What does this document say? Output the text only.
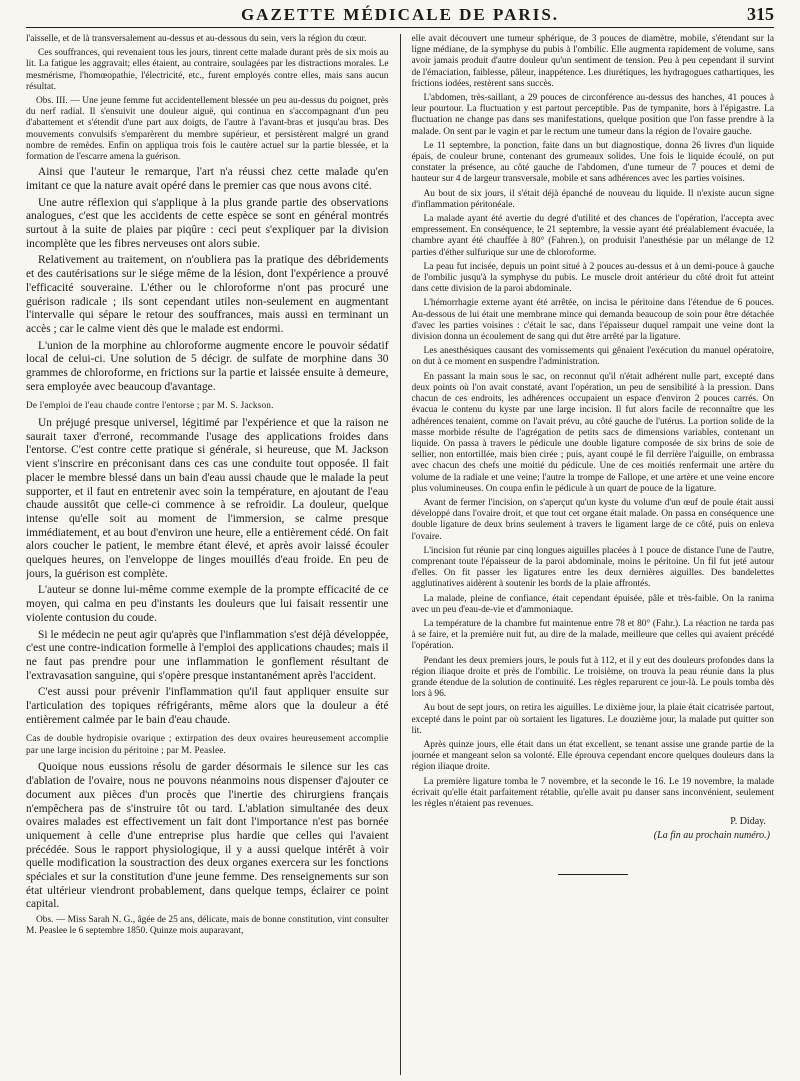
GAZETTE MÉDICALE DE PARIS.	315

l'aisselle, et de là transversalement au-dessus et au-dessous du sein, vers la région du cœur.

Ces souffrances, qui revenaient tous les jours, tinrent cette malade durant près de six mois au lit. La fatigue les aggravait; elles étaient, au contraire, soulagées par les distractions morales. Le mesmérisme, l'homœopathie, l'électricité, etc., furent employés contre elles, mais sans aucun résultat.

Obs. III. — Une jeune femme fut accidentellement blessée un peu au-dessus du poignet, près du nerf radial. Il s'ensuivit une douleur aiguë, qui continua en s'accompagnant d'un peu d'abattement et s'étendit d'une part aux doigts, de l'autre à l'avant-bras et jusqu'au bras. Des mouvements convulsifs s'emparèrent du membre supérieur, et persistèrent malgré un grand nombre de remèdes. Enfin on appliqua trois fois le cautère actuel sur la partie blessée, et la formation de l'escarre amena la guérison.

Ainsi que l'auteur le remarque, l'art n'a réussi chez cette malade qu'en imitant ce que la nature avait opéré dans le premier cas que nous avons cité.

Une autre réflexion qui s'applique à la plus grande partie des observations analogues, c'est que les accidents de cette espèce se sont en général montrés surtout à la suite de plaies par piqûre : ceci peut s'expliquer par la division incomplète que les fibres nerveuses ont alors subie.

Relativement au traitement, on n'oubliera pas la pratique des débridements et des cautérisations sur le siége même de la lésion, dont l'expérience a prouvé l'efficacité souveraine. L'éther ou le chloroforme n'ont pas procuré une guérison radicale ; ils sont cependant utiles non-seulement en augmentant l'intervalle qui sépare le retour des souffrances, mais aussi en terminant un accès ; car le calme vient dès que le malade est endormi.

L'union de la morphine au chloroforme augmente encore le pouvoir sédatif local de celui-ci. Une solution de 5 décigr. de sulfate de morphine dans 30 grammes de chloroforme, en frictions sur la partie et laissée ensuite à demeure, sera employée avec beaucoup d'avantage.

De l'emploi de l'eau chaude contre l'entorse ; par M. S. Jackson.

Un préjugé presque universel, légitimé par l'expérience et que la raison ne saurait taxer d'erroné, recommande l'usage des applications froides dans l'entorse. C'est contre cette pratique si générale, si heureuse, que M. Jackson vient s'inscrire en préconisant dans ces cas une conduite tout opposée. Il fait placer le membre blessé dans un bain d'eau aussi chaude que le malade la peut supporter, et il faut en entretenir avec soin la température, en ajoutant de l'eau chaude aussitôt que celle-ci commence à se refroidir. La douleur, quelque intense qu'elle soit au moment de l'immersion, se calme presque immédiatement, et au bout d'environ une heure, elle a entièrement cédé. On fait alors coucher le patient, le membre étant élevé, et après avoir laissé écouler quelques heures, on l'enveloppe de linges mouillés d'eau froide. En peu de jours, la guérison est complète.

L'auteur se donne lui-même comme exemple de la prompte efficacité de ce moyen, qui calma en peu d'instants les douleurs que lui faisait ressentir une violente contusion du coude.

Si le médecin ne peut agir qu'après que l'inflammation s'est déjà développée, c'est une contre-indication formelle à l'emploi des applications chaudes; mais il ne faut pas prendre pour une inflammation le gonflement résultant de l'extravasation sanguine, qui s'opère presque instantanément après l'accident.

C'est aussi pour prévenir l'inflammation qu'il faut appliquer ensuite sur l'articulation des topiques réfrigérants, même alors que la douleur a été entièrement calmée par le bain d'eau chaude.

Cas de double hydropisie ovarique ; extirpation des deux ovaires heureusement accomplie par une large incision du péritoine ; par M. Peaslee.

Quoique nous eussions résolu de garder désormais le silence sur les cas d'ablation de l'ovaire, nous ne pouvons néanmoins nous dispenser d'ajouter ce document aux pièces d'un procès que l'inertie des chirurgiens français n'empêchera pas de s'instruire tôt ou tard. L'ablation simultanée des deux ovaires malades est effectivement un fait dont l'importance n'est pas bornée uniquement à celle d'une entreprise plus hardie que celles qui l'avaient précédée. Sous le rapport physiologique, il y a aussi quelque intérêt à voir quelle modification la soustraction des deux organes exercera sur les fonctions spéciales et sur la constitution d'une jeune femme. Des renseignements sur son état ultérieur viendront probablement, dans quelque temps, éclairer ce point capital.

Obs. — Miss Sarah N. G., âgée de 25 ans, délicate, mais de bonne constitution, vint consulter M. Peaslee le 6 septembre 1850. Quinze mois auparavant,

elle avait découvert une tumeur sphérique, de 3 pouces de diamètre, mobile, s'étendant sur la ligne médiane, de la symphyse du pubis à l'ombilic. Elle augmenta rapidement de volume, sans avoir jamais produit d'autre douleur qu'un sentiment de tension. Peu à peu cependant il survint de l'émaciation, faiblesse, pâleur, inappétence. Les diurétiques, les hydragogues cathartiques, les frictions iodées, restèrent sans succès.

L'abdomen, très-saillant, a 29 pouces de circonférence au-dessus des hanches, 41 pouces à leur pourtour. La fluctuation y est partout perceptible. Pas de tympanite, hors à l'épigastre. La fluctuation ne change pas dans ses manifestations, quelque position que l'on fasse prendre à la malade. On sent par le vagin et par le rectum une tumeur dans la région de l'ovaire gauche.

Le 11 septembre, la ponction, faite dans un but diagnostique, donna 26 livres d'un liquide épais, de couleur brune, contenant des grumeaux solides. Une fois le liquide écoulé, on put constater la présence, au côté gauche de l'abdomen, d'une tumeur de 7 pouces et demi de hauteur sur 4 de largeur transversale, mobile et sans adhérences avec les parties voisines.

Au bout de six jours, il s'était déjà épanché de nouveau du liquide. Il n'existe aucun signe d'inflammation péritonéale.

La malade ayant été avertie du degré d'utilité et des chances de l'opération, l'accepta avec empressement. En conséquence, le 21 septembre, la vessie ayant été préalablement évacuée, la chambre ayant été chauffée à 80° (Fahren.), on produisit l'anesthésie par un mélange de 12 parties d'éther sulfurique sur une de chloroforme.

La peau fut incisée, depuis un point situé à 2 pouces au-dessus et à un demi-pouce à gauche de l'ombilic jusqu'à la symphyse du pubis. Le muscle droit antérieur du côté droit fut atteint dans cette division de la paroi abdominale.

L'hémorrhagie externe ayant été arrêtée, on incisa le péritoine dans l'étendue de 6 pouces. Au-dessous de lui était une membrane mince qui demanda beaucoup de soin pour être détachée d'avec les parties voisines : c'était le sac, dans l'épaisseur duquel rampait une veine dont la division donna un écoulement de sang qui dut être arrêté par la ligature.

Les anesthésiques causant des vomissements qui gênaient l'exécution du manuel opératoire, on dut à ce moment en suspendre l'administration.

En passant la main sous le sac, on reconnut qu'il n'était adhérent nulle part, excepté dans deux points où l'on avait constaté, avant l'opération, un peu de sensibilité à la pression. Dans chacun de ces endroits, les adhérences occupaient un espace d'environ 2 pouces carrés. On évacua le contenu du kyste par une large incision. Il fut alors facile de reconnaître que les adhérences tenaient, comme on l'avait prévu, au côté gauche de l'utérus. La portion solide de la masse morbide résulte de l'agrégation de petits sacs de dimensions variables, contenant un liquide. On passa à travers le pédicule une double ligature composée de six brins de soie de sellier, non entortillée, mais bien cirée ; puis, ayant coupé le fil derrière l'aiguille, on embrassa avec chacun des chefs une moitié du pédicule. Une de ces moitiés renfermait une artère du volume de la radiale et une veine; l'autre la trompe de Fallope, et une artère et une veine encore plus volumineuses. On coupa enfin le pédicule à un quart de pouce de la ligature.

Avant de fermer l'incision, on s'aperçut qu'un kyste du volume d'un œuf de poule était aussi développé dans l'ovaire droit, et que tout cet organe était malade. On passa en conséquence une double ligature de deux brins seulement à travers le ligament large de ce côté, puis on enleva l'ovaire.

L'incision fut réunie par cinq longues aiguilles placées à 1 pouce de distance l'une de l'autre, comprenant toute l'épaisseur de la paroi abdominale, moins le péritoine. Un fil fut jeté autour d'elles. On fit passer les ligatures entre les deux dernières aiguilles. Des bandelettes agglutinatives aidèrent à soutenir les bords de la plaie affrontés.

La malade, pleine de confiance, était cependant épuisée, pâle et très-faible. On la ranima avec un peu d'eau-de-vie et d'ammoniaque.

La température de la chambre fut maintenue entre 78 et 80° (Fahr.). La réaction ne tarda pas à se faire, et la première nuit fut, au dire de la malade, meilleure que celles qui avaient précédé l'opération.

Pendant les deux premiers jours, le pouls fut à 112, et il y eut des douleurs profondes dans la région iliaque droite et près de l'ombilic. Le troisième, on trouva la peau réunie dans la plus grande étendue de la solution de continuité. Les règles reparurent ce jour-là. Le pouls tomba dès lors à 96.

Au bout de sept jours, on retira les aiguilles. Le dixième jour, la plaie était cicatrisée partout, excepté dans le point par où sortaient les ligatures. Le douzième jour, la malade put quitter son lit.

Après quinze jours, elle était dans un état excellent, se tenant assise une grande partie de la journée et mangeant selon sa volonté. Elle éprouva cependant encore quelques douleurs dans la région iliaque droite.

La première ligature tomba le 7 novembre, et la seconde le 16. Le 19 novembre, la malade écrivait qu'elle était parfaitement rétablie, qu'elle avait pu danser sans inconvénient, seulement les règles n'étaient pas revenues.

P. Diday.
(La fin au prochain numéro.)
